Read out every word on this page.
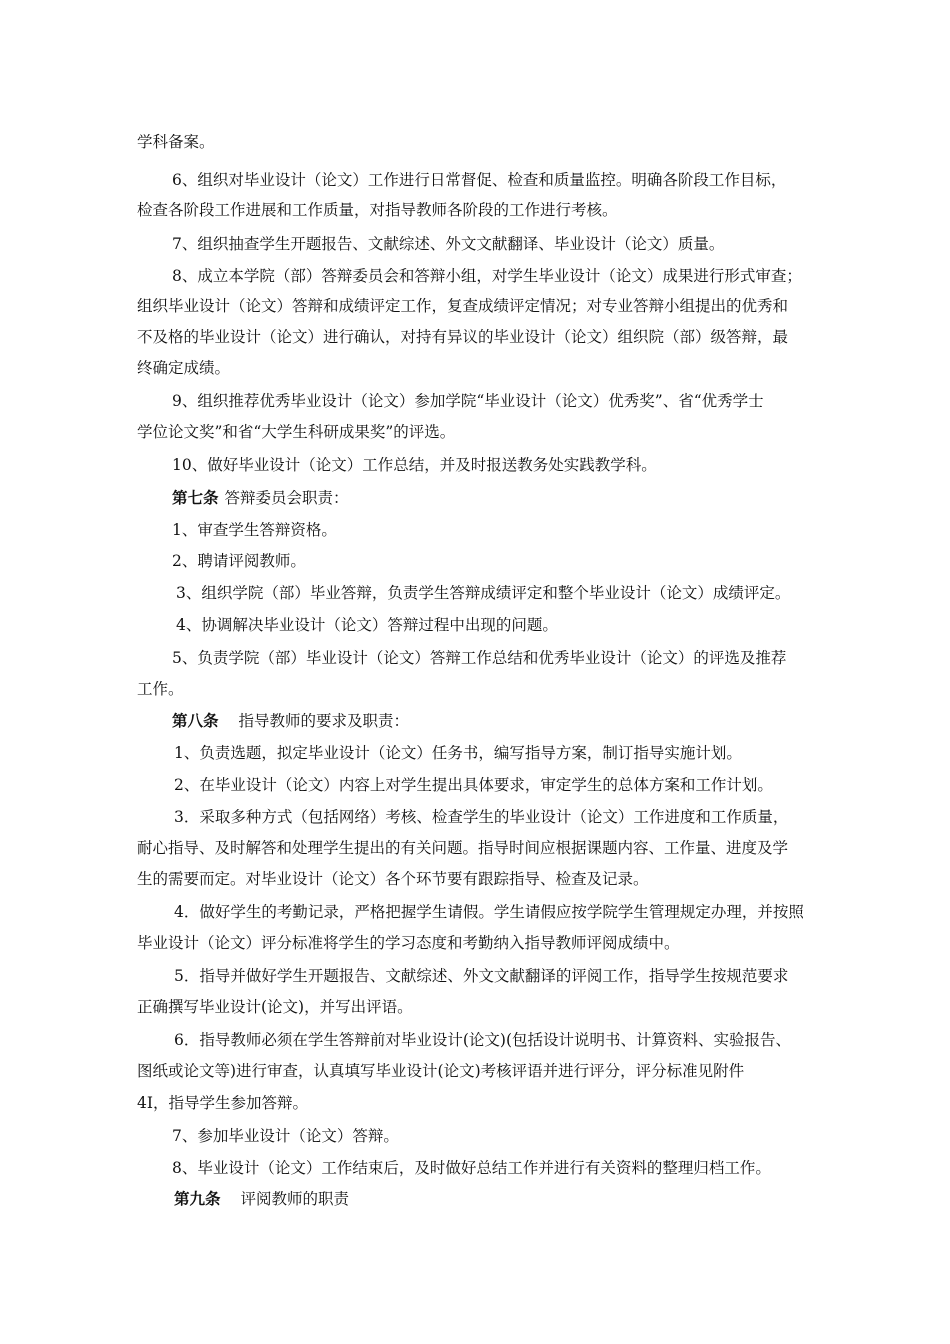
学科备案。
6、组织对毕业设计（论文）工作进行日常督促、检查和质量监控。明确各阶段工作目标，
检查各阶段工作进展和工作质量，对指导教师各阶段的工作进行考核。
7、组织抽查学生开题报告、文献综述、外文文献翻译、毕业设计（论文）质量。
8、成立本学院（部）答辩委员会和答辩小组，对学生毕业设计（论文）成果进行形式审查；
组织毕业设计（论文）答辩和成绩评定工作，复查成绩评定情况；对专业答辩小组提出的优秀和
不及格的毕业设计（论文）进行确认，对持有异议的毕业设计（论文）组织院（部）级答辩，最
终确定成绩。
9、组织推荐优秀毕业设计（论文）参加学院“毕业设计（论文）优秀奖”、省“优秀学士
学位论文奖”和省“大学生科研成果奖”的评选。
10、做好毕业设计（论文）工作总结，并及时报送教务处实践教学科。
第七条 答辩委员会职责：
1、审查学生答辩资格。
2、聘请评阅教师。
3、组织学院（部）毕业答辩，负责学生答辩成绩评定和整个毕业设计（论文）成绩评定。
4、协调解决毕业设计（论文）答辩过程中出现的问题。
5、负责学院（部）毕业设计（论文）答辩工作总结和优秀毕业设计（论文）的评选及推荐
工作。
第八条 指导教师的要求及职责：
1、负责选题，拟定毕业设计（论文）任务书，编写指导方案，制订指导实施计划。
2、在毕业设计（论文）内容上对学生提出具体要求，审定学生的总体方案和工作计划。
3．采取多种方式（包括网络）考核、检查学生的毕业设计（论文）工作进度和工作质量，
耐心指导、及时解答和处理学生提出的有关问题。指导时间应根据课题内容、工作量、进度及学
生的需要而定。对毕业设计（论文）各个环节要有跟踪指导、检查及记录。
4．做好学生的考勤记录，严格把握学生请假。学生请假应按学院学生管理规定办理，并按照
毕业设计（论文）评分标准将学生的学习态度和考勤纳入指导教师评阅成绩中。
5．指导并做好学生开题报告、文献综述、外文文献翻译的评阅工作，指导学生按规范要求
正确撰写毕业设计(论文)，并写出评语。
6．指导教师必须在学生答辩前对毕业设计(论文)(包括设计说明书、计算资料、实验报告、
图纸或论文等)进行审查，认真填写毕业设计(论文)考核评语并进行评分，评分标准见附件
4Ⅰ，指导学生参加答辩。
7、参加毕业设计（论文）答辩。
8、毕业设计（论文）工作结束后，及时做好总结工作并进行有关资料的整理归档工作。
第九条 评阅教师的职责
